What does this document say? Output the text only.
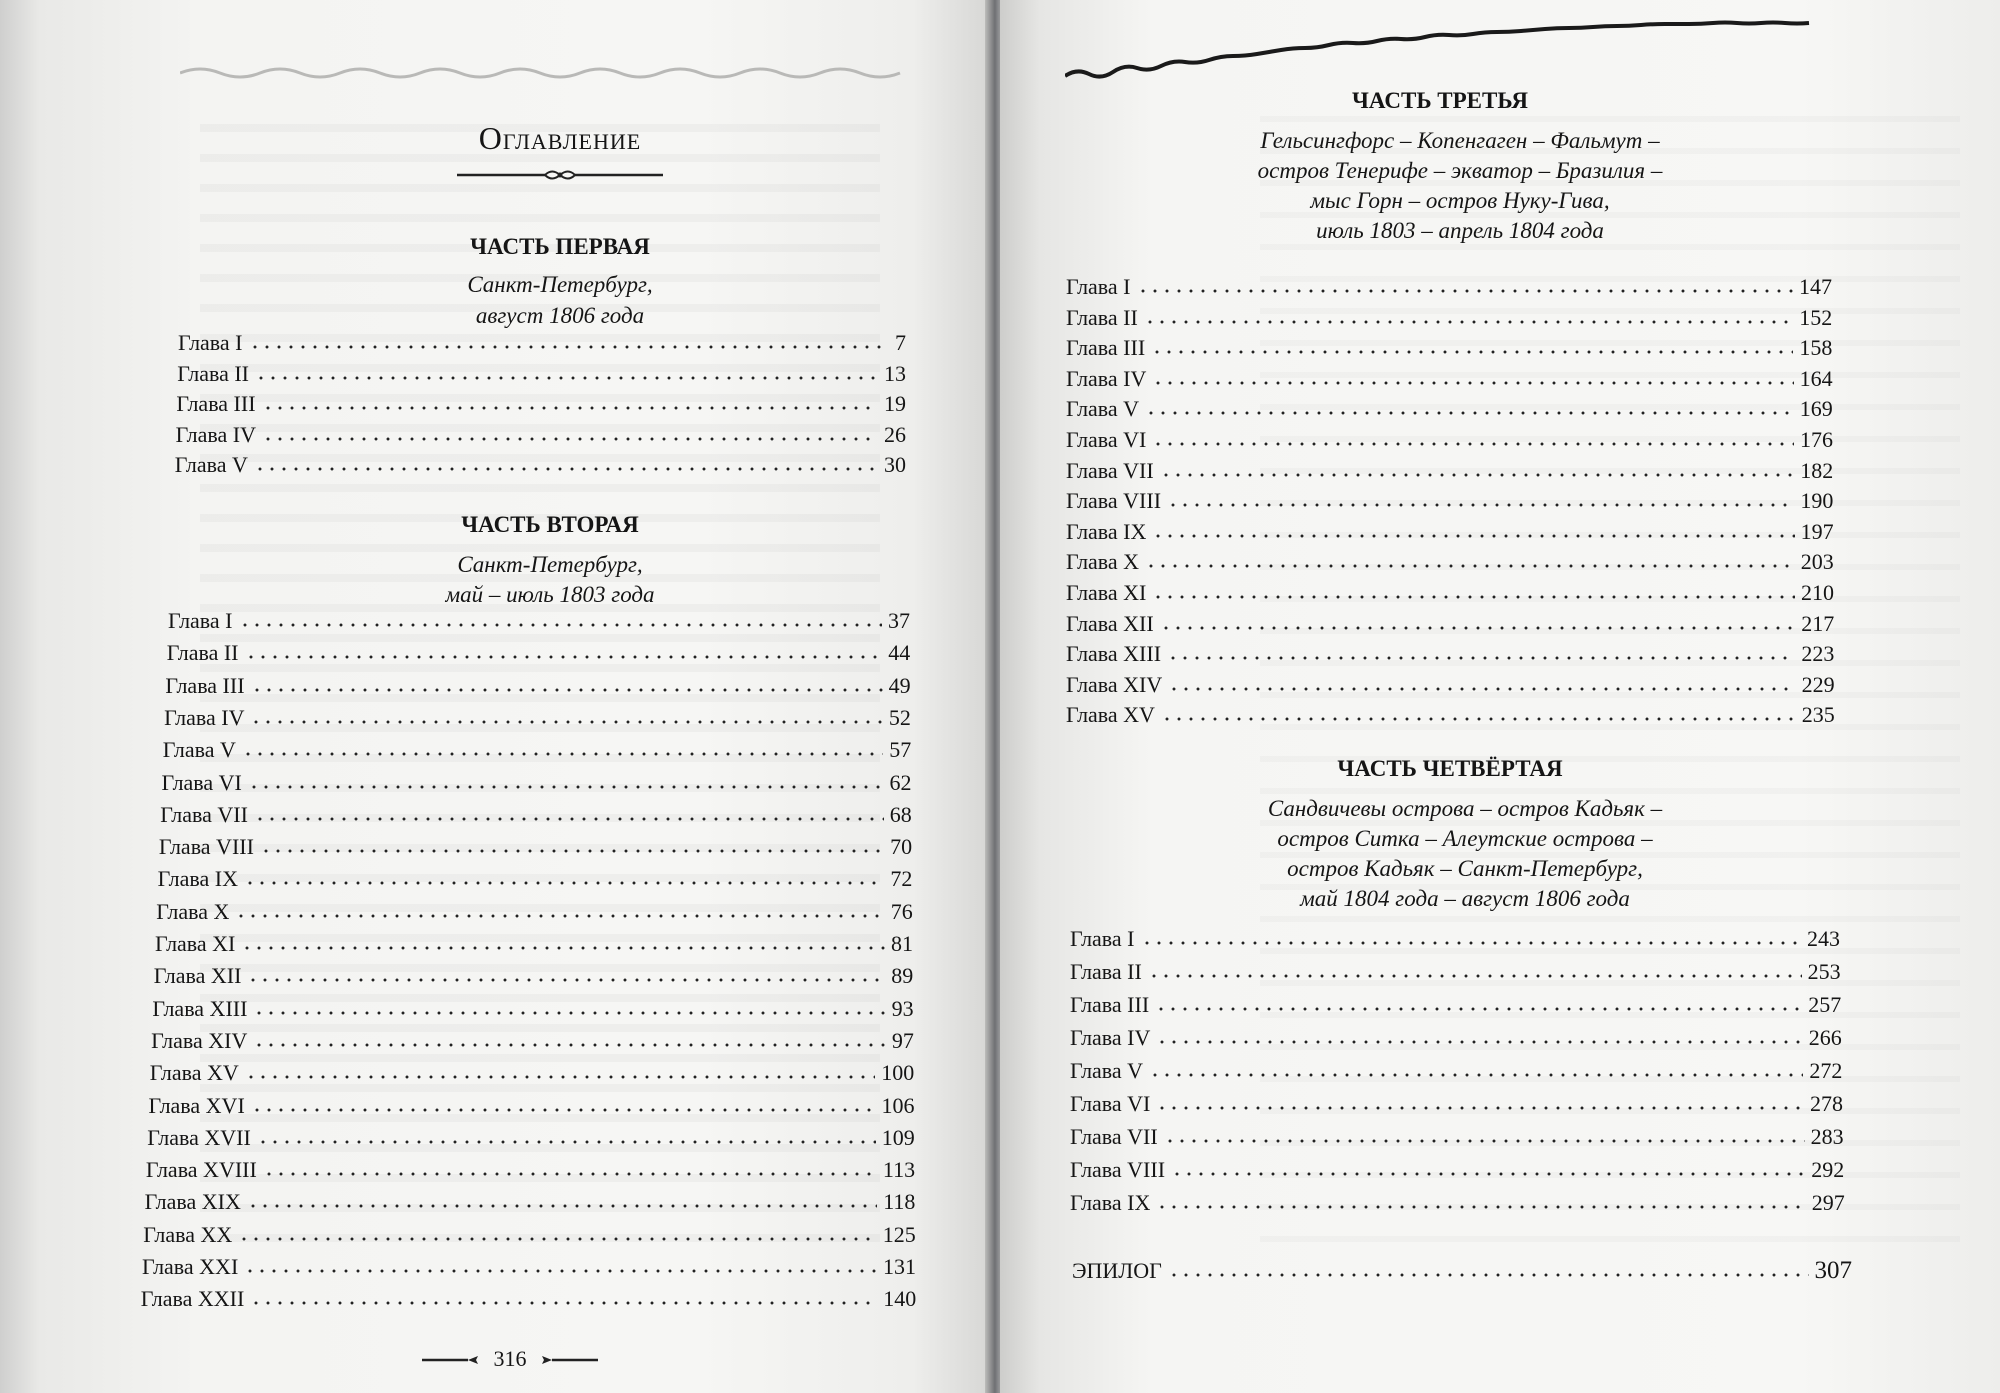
Оглавление
ЧАСТЬ ПЕРВАЯ
Санкт-Петербург,
август 1806 года
ЧАСТЬ ВТОРАЯ
Санкт-Петербург,
май – июль 1803 года
316
Глава I	7
Глава II	13
Глава III	19
Глава IV	26
Глава V	30
Глава I	37
Глава II	44
Глава III	49
Глава IV	52
Глава V	57
Глава VI	62
Глава VII	68
Глава VIII	70
Глава IX	72
Глава X	76
Глава XI	81
Глава XII	89
Глава XIII	93
Глава XIV	97
Глава XV	100
Глава XVI	106
Глава XVII	109
Глава XVIII	113
Глава XIX	118
Глава XX	125
Глава XXI	131
Глава XXII	140
ЧАСТЬ ТРЕТЬЯ
Гельсингфорс – Копенгаген – Фальмут –
остров Тенерифе – экватор – Бразилия –
мыс Горн – остров Нуку-Гива,
июль 1803 – апрель 1804 года
ЧАСТЬ ЧЕТВЁРТАЯ
Сандвичевы острова – остров Кадьяк –
остров Ситка – Алеутские острова –
остров Кадьяк – Санкт-Петербург,
май 1804 года – август 1806 года
ЭПИЛОГ	307
Глава I	147
Глава II	152
Глава III	158
Глава IV	164
Глава V	169
Глава VI	176
Глава VII	182
Глава VIII	190
Глава IX	197
Глава X	203
Глава XI	210
Глава XII	217
Глава XIII	223
Глава XIV	229
Глава XV	235
Глава I	243
Глава II	253
Глава III	257
Глава IV	266
Глава V	272
Глава VI	278
Глава VII	283
Глава VIII	292
Глава IX	297
